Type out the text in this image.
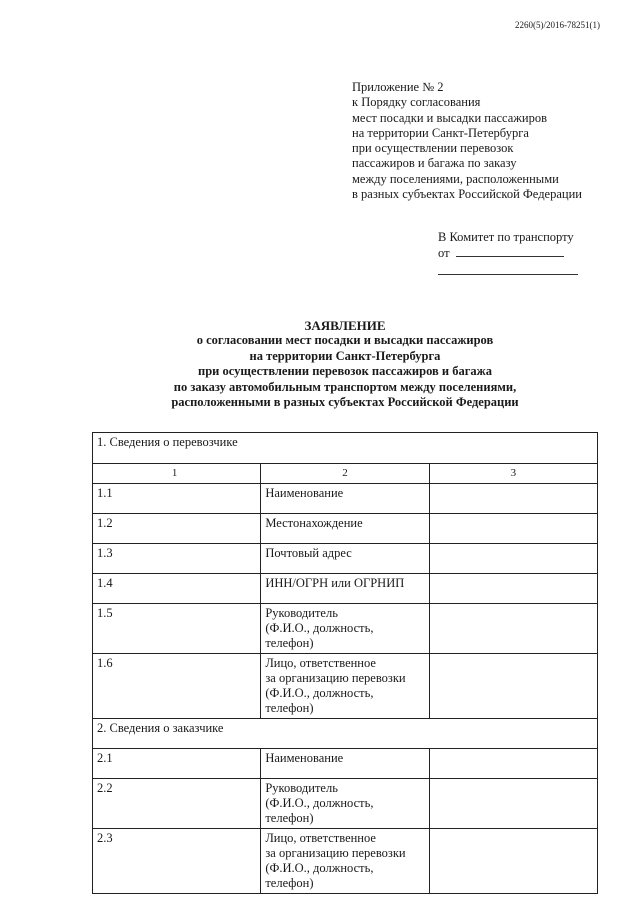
2260(5)/2016-78251(1)
Приложение № 2
к Порядку согласования
мест посадки и высадки пассажиров
на территории Санкт-Петербурга
при осуществлении перевозок
пассажиров и багажа по заказу
между поселениями, расположенными
в разных субъектах Российской Федерации
В Комитет по транспорту
от
ЗАЯВЛЕНИЕ
о согласовании мест посадки и высадки пассажиров
на территории Санкт-Петербурга
при осуществлении перевозок пассажиров и багажа
по заказу автомобильным транспортом между поселениями,
расположенными в разных субъектах Российской Федерации
1. Сведения о перевозчике		
1	2	3
1.1	Наименование	
1.2	Местонахождение	
1.3	Почтовый адрес	
1.4	ИНН/ОГРН или ОГРНИП	
1.5	Руководитель
(Ф.И.О., должность, телефон)	
1.6	Лицо, ответственное
за организацию перевозки
(Ф.И.О., должность, телефон)	
2. Сведения о заказчике		
2.1	Наименование	
2.2	Руководитель
(Ф.И.О., должность, телефон)	
2.3	Лицо, ответственное
за организацию перевозки
(Ф.И.О., должность, телефон)	
